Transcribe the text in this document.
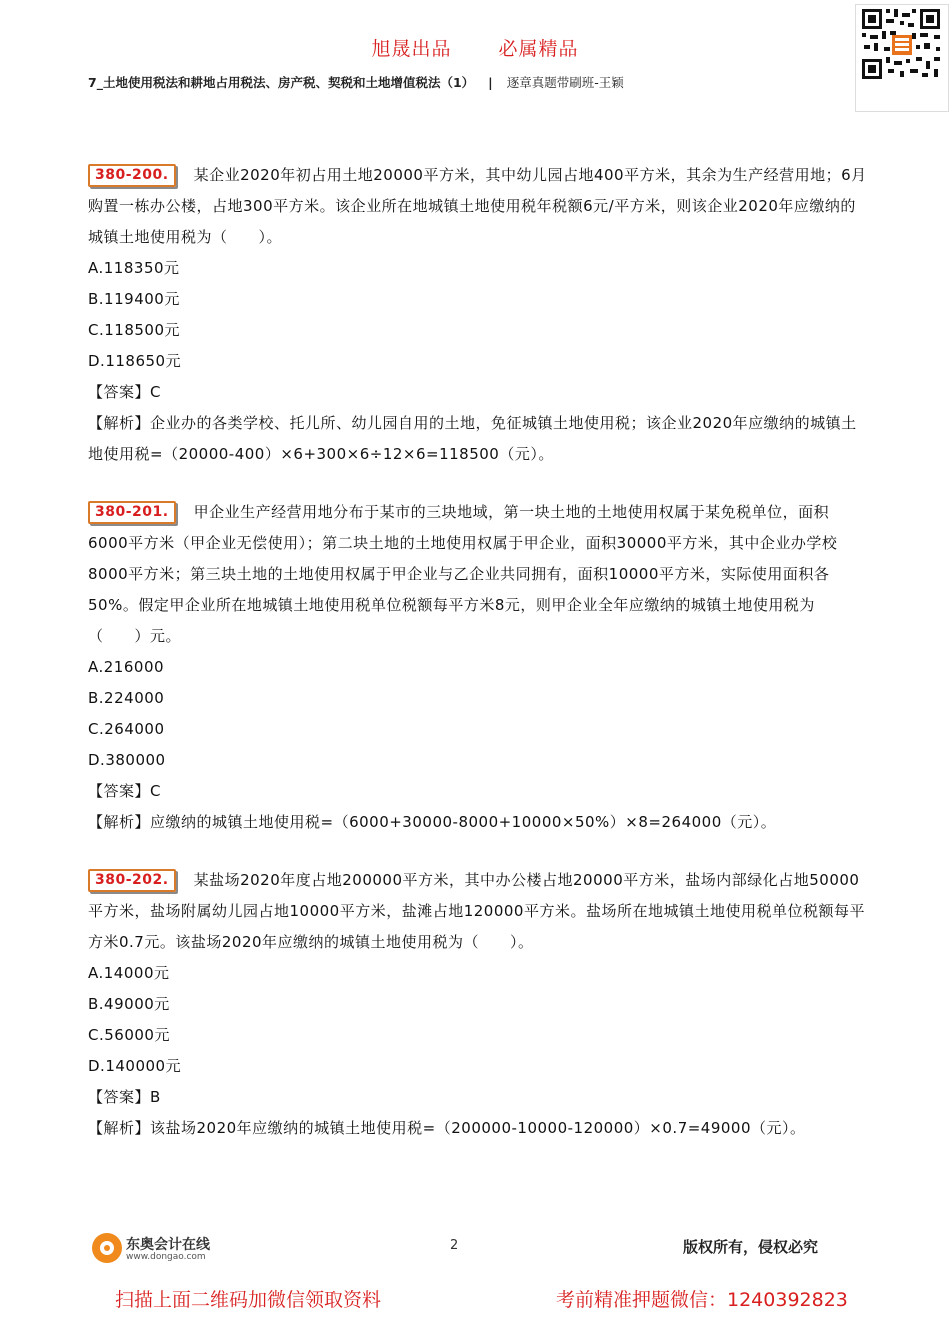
旭晟出品 必属精品
7_土地使用税法和耕地占用税法、房产税、契税和土地增值税法（1） | 逐章真题带刷班-王颖

380-200. 某企业2020年初占用土地20000平方米，其中幼儿园占地400平方米，其余为生产经营用地；6月购置一栋办公楼，占地300平方米。该企业所在地城镇土地使用税年税额6元/平方米，则该企业2020年应缴纳的城镇土地使用税为（　　）。

A.118350元

B.119400元

C.118500元

D.118650元

【答案】C

【解析】企业办的各类学校、托儿所、幼儿园自用的土地，免征城镇土地使用税；该企业2020年应缴纳的城镇土地使用税=（20000-400）×6+300×6÷12×6=118500（元）。

380-201. 甲企业生产经营用地分布于某市的三块地域，第一块土地的土地使用权属于某免税单位，面积6000平方米（甲企业无偿使用）；第二块土地的土地使用权属于甲企业，面积30000平方米，其中企业办学校8000平方米；第三块土地的土地使用权属于甲企业与乙企业共同拥有，面积10000平方米，实际使用面积各50%。假定甲企业所在地城镇土地使用税单位税额每平方米8元，则甲企业全年应缴纳的城镇土地使用税为（　　）元。

A.216000

B.224000

C.264000

D.380000

【答案】C

【解析】应缴纳的城镇土地使用税=（6000+30000-8000+10000×50%）×8=264000（元）。

380-202. 某盐场2020年度占地200000平方米，其中办公楼占地20000平方米，盐场内部绿化占地50000平方米，盐场附属幼儿园占地10000平方米，盐滩占地120000平方米。盐场所在地城镇土地使用税单位税额每平方米0.7元。该盐场2020年应缴纳的城镇土地使用税为（　　）。

A.14000元

B.49000元

C.56000元

D.140000元

【答案】B

【解析】该盐场2020年应缴纳的城镇土地使用税=（200000-10000-120000）×0.7=49000（元）。

东奥会计在线
www.dongao.com
2	版权所有，侵权必究
扫描上面二维码加微信领取资料	考前精准押题微信：1240392823
